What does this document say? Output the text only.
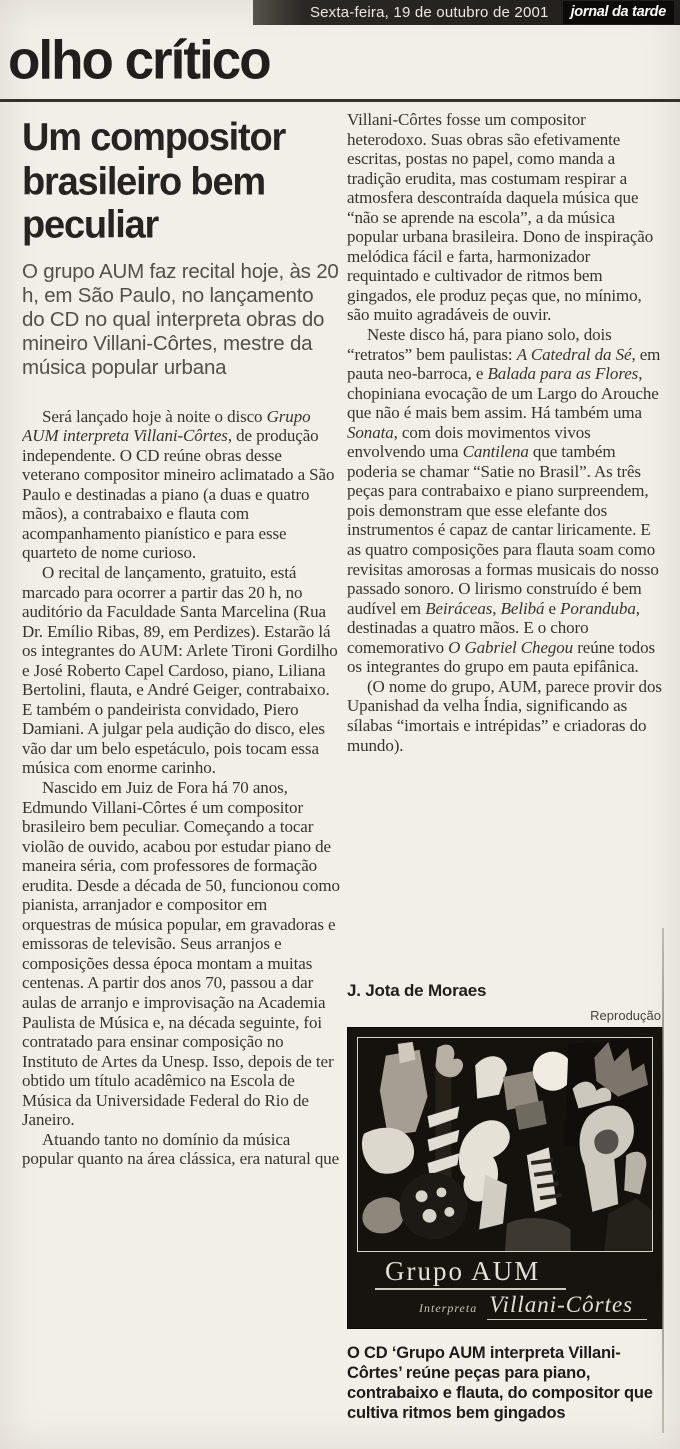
Sexta-feira, 19 de outubro de 2001	jornal da tarde
olho crítico
Um compositor brasileiro bem peculiar

O grupo AUM faz recital hoje, às 20 h, em São Paulo, no lançamento do CD no qual interpreta obras do mineiro Villani-Côrtes, mestre da música popular urbana

Será lançado hoje à noite o disco Grupo AUM interpreta Villani-Côrtes, de produção independente. O CD reúne obras desse veterano compositor mineiro aclimatado a São Paulo e destinadas a piano (a duas e quatro mãos), a contrabaixo e flauta com acompanhamento pianístico e para esse quarteto de nome curioso.

O recital de lançamento, gratuito, está marcado para ocorrer a partir das 20 h, no auditório da Faculdade Santa Marcelina (Rua Dr. Emílio Ribas, 89, em Perdizes). Estarão lá os integrantes do AUM: Arlete Tironi Gordilho e José Roberto Capel Cardoso, piano, Liliana Bertolini, flauta, e André Geiger, contrabaixo. E também o pandeirista convidado, Piero Damiani. A julgar pela audição do disco, eles vão dar um belo espetáculo, pois tocam essa música com enorme carinho.

Nascido em Juiz de Fora há 70 anos, Edmundo Villani-Côrtes é um compositor brasileiro bem peculiar. Começando a tocar violão de ouvido, acabou por estudar piano de maneira séria, com professores de formação erudita. Desde a década de 50, funcionou como pianista, arranjador e compositor em orquestras de música popular, em gravadoras e emissoras de televisão. Seus arranjos e composições dessa época montam a muitas centenas. A partir dos anos 70, passou a dar aulas de arranjo e improvisação na Academia Paulista de Música e, na década seguinte, foi contratado para ensinar composição no Instituto de Artes da Unesp. Isso, depois de ter obtido um título acadêmico na Escola de Música da Universidade Federal do Rio de Janeiro.

Atuando tanto no domínio da música popular quanto na área clássica, era natural que

Villani-Côrtes fosse um compositor heterodoxo. Suas obras são efetivamente escritas, postas no papel, como manda a tradição erudita, mas costumam respirar a atmosfera descontraída daquela música que “não se aprende na escola”, a da música popular urbana brasileira. Dono de inspiração melódica fácil e farta, harmonizador requintado e cultivador de ritmos bem gingados, ele produz peças que, no mínimo, são muito agradáveis de ouvir.

Neste disco há, para piano solo, dois “retratos” bem paulistas: A Catedral da Sé, em pauta neo-barroca, e Balada para as Flores, chopiniana evocação de um Largo do Arouche que não é mais bem assim. Há também uma Sonata, com dois movimentos vivos envolvendo uma Cantilena que também poderia se chamar “Satie no Brasil”. As três peças para contrabaixo e piano surpreendem, pois demonstram que esse elefante dos instrumentos é capaz de cantar liricamente. E as quatro composições para flauta soam como revisitas amorosas a formas musicais do nosso passado sonoro. O lirismo construído é bem audível em Beiráceas, Belibá e Poranduba, destinadas a quatro mãos. E o choro comemorativo O Gabriel Chegou reúne todos os integrantes do grupo em pauta epifânica.

(O nome do grupo, AUM, parece provir dos Upanishad da velha Índia, significando as sílabas “imortais e intrépidas” e criadoras do mundo).

J. Jota de Moraes
Reprodução
Grupo AUM
Interpreta Villani-Côrtes
O CD ‘Grupo AUM interpreta Villani-Côrtes’ reúne peças para piano, contrabaixo e flauta, do compositor que cultiva ritmos bem gingados
